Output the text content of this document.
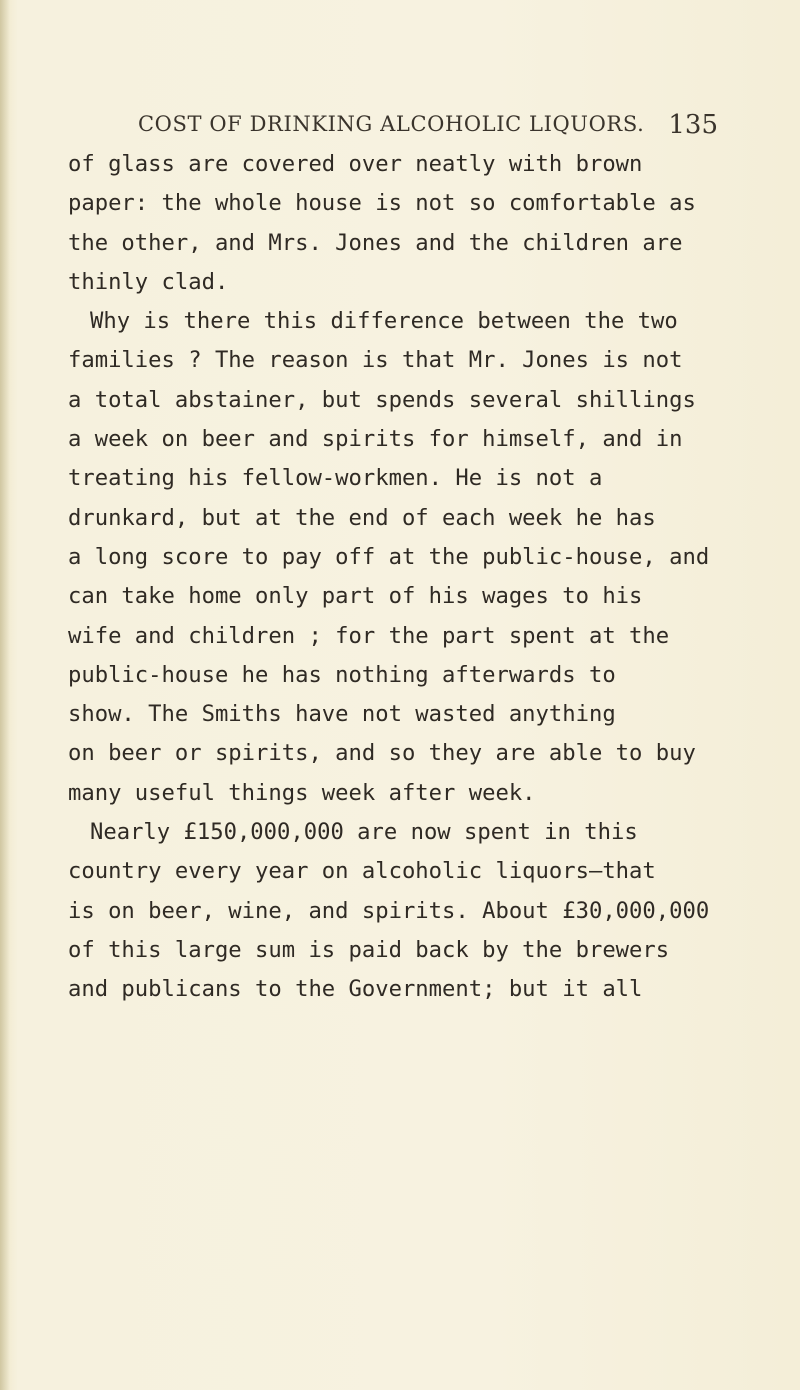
COST OF DRINKING ALCOHOLIC LIQUORS. 135
of glass are covered over neatly with brown
paper: the whole house is not so comfortable as
the other, and Mrs. Jones and the children are
thinly clad.
Why is there this difference between the two
families ? The reason is that Mr. Jones is not
a total abstainer, but spends several shillings
a week on beer and spirits for himself, and in
treating his fellow-workmen. He is not a
drunkard, but at the end of each week he has
a long score to pay off at the public-house, and
can take home only part of his wages to his
wife and children ; for the part spent at the
public-house he has nothing afterwards to
show. The Smiths have not wasted anything
on beer or spirits, and so they are able to buy
many useful things week after week.
Nearly £150,000,000 are now spent in this
country every year on alcoholic liquors—that
is on beer, wine, and spirits. About £30,000,000
of this large sum is paid back by the brewers
and publicans to the Government; but it all
